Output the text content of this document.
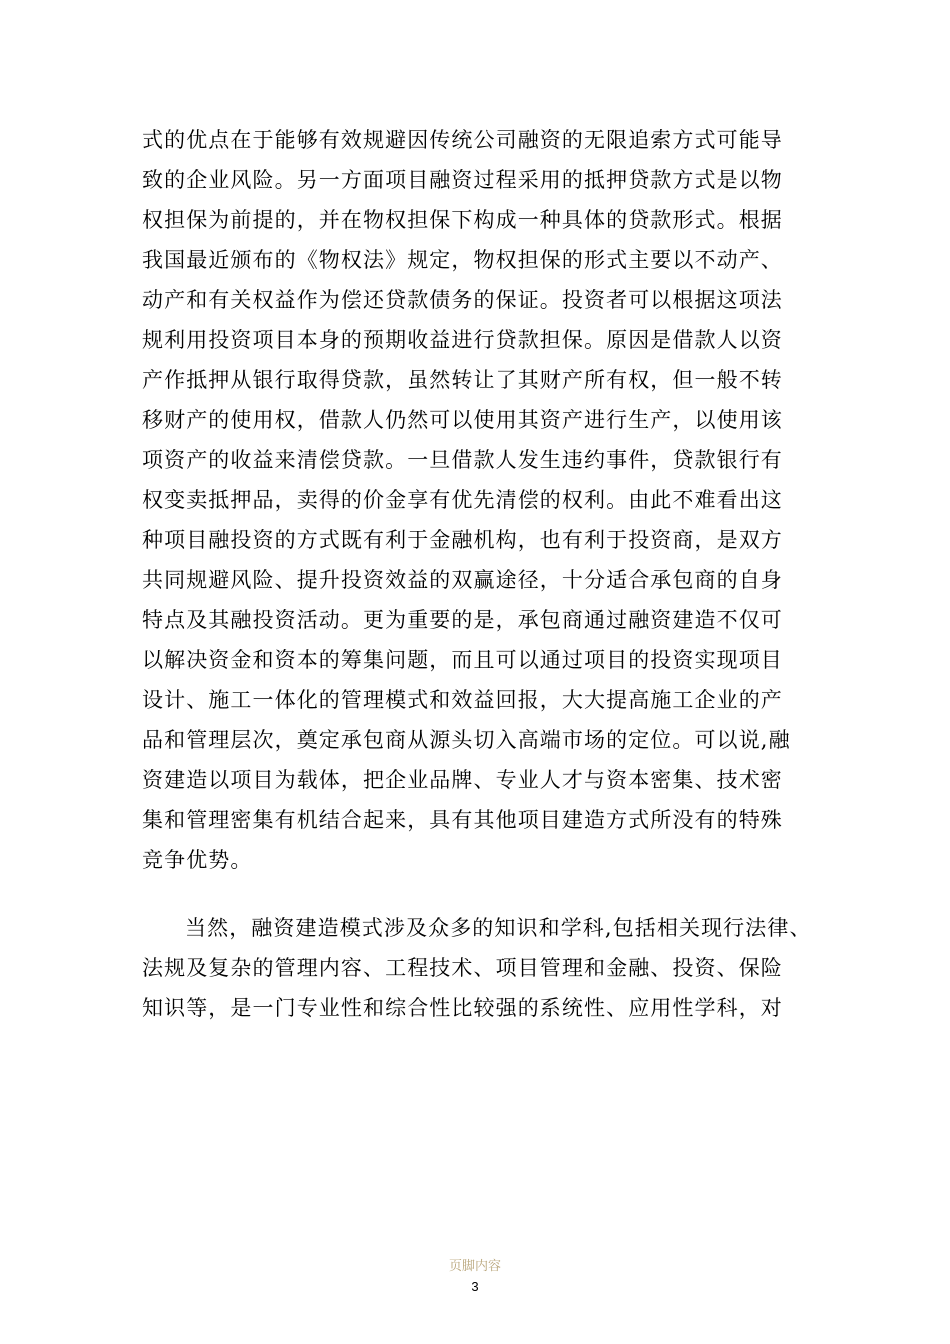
式的优点在于能够有效规避因传统公司融资的无限追索方式可能导
致的企业风险。另一方面项目融资过程采用的抵押贷款方式是以物
权担保为前提的，并在物权担保下构成一种具体的贷款形式。根据
我国最近颁布的《物权法》规定，物权担保的形式主要以不动产、
动产和有关权益作为偿还贷款债务的保证。投资者可以根据这项法
规利用投资项目本身的预期收益进行贷款担保。原因是借款人以资
产作抵押从银行取得贷款，虽然转让了其财产所有权，但一般不转
移财产的使用权，借款人仍然可以使用其资产进行生产，以使用该
项资产的收益来清偿贷款。一旦借款人发生违约事件，贷款银行有
权变卖抵押品，卖得的价金享有优先清偿的权利。由此不难看出这
种项目融投资的方式既有利于金融机构，也有利于投资商，是双方
共同规避风险、提升投资效益的双赢途径，十分适合承包商的自身
特点及其融投资活动。更为重要的是，承包商通过融资建造不仅可
以解决资金和资本的筹集问题，而且可以通过项目的投资实现项目
设计、施工一体化的管理模式和效益回报，大大提高施工企业的产
品和管理层次，奠定承包商从源头切入高端市场的定位。可以说,融
资建造以项目为载体，把企业品牌、专业人才与资本密集、技术密
集和管理密集有机结合起来，具有其他项目建造方式所没有的特殊
竞争优势。
当然，融资建造模式涉及众多的知识和学科,包括相关现行法律、
法规及复杂的管理内容、工程技术、项目管理和金融、投资、保险
知识等，是一门专业性和综合性比较强的系统性、应用性学科，对
页脚内容
3
